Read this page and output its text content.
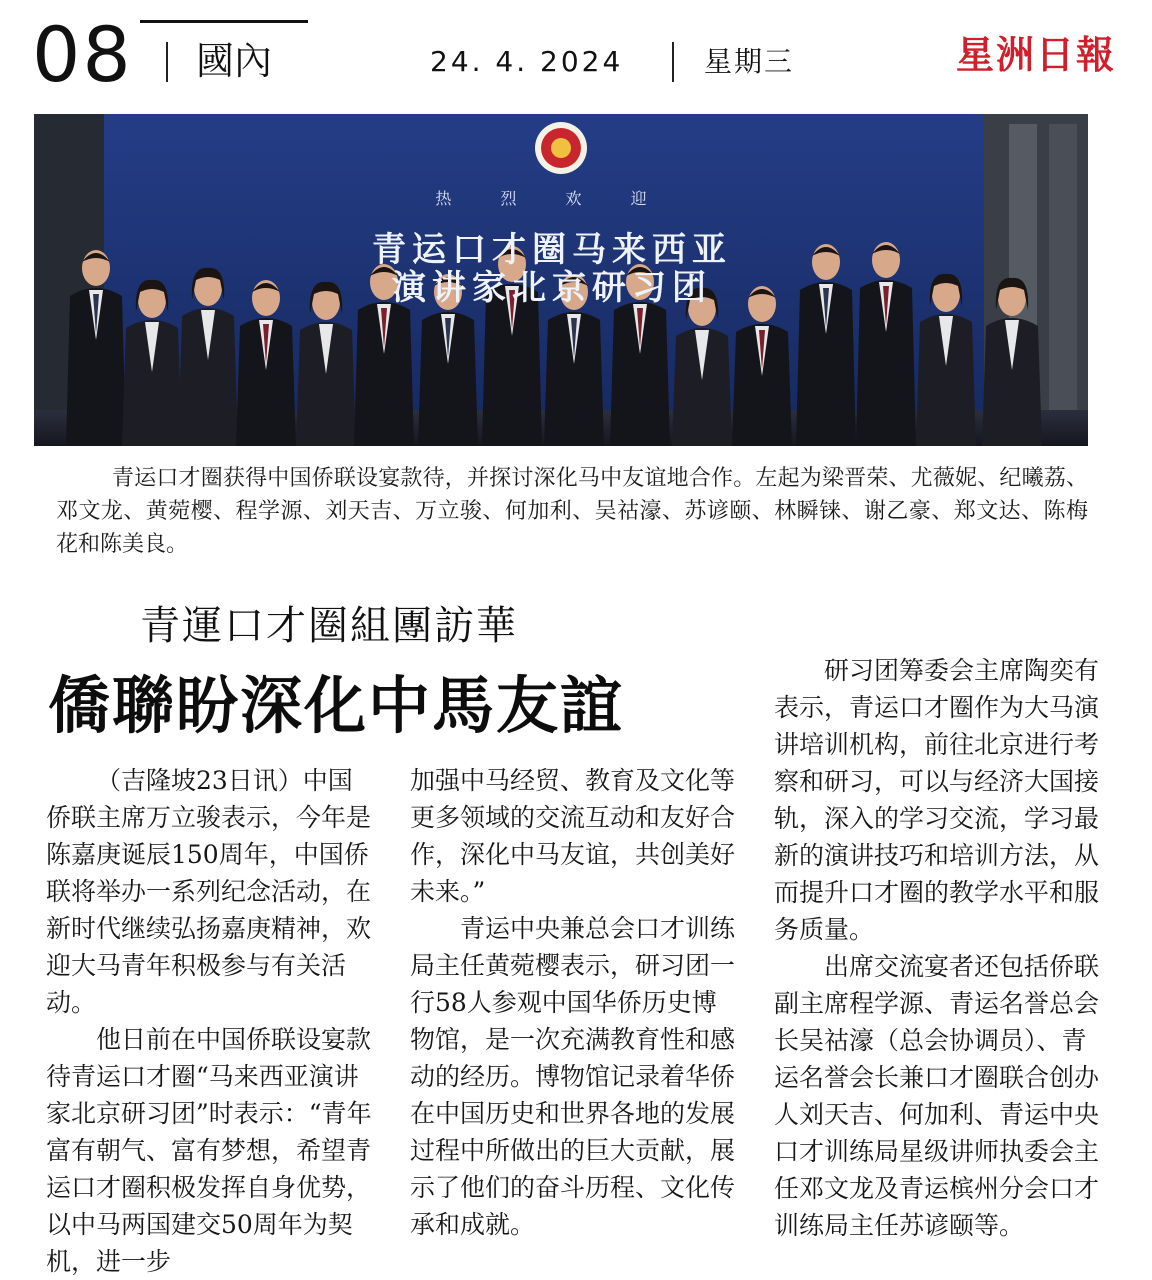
08 國內	24. 4. 2024	星期三	星洲日報
热 烈 欢 迎
青运口才圈马来西亚
演讲家北京研习团
青运口才圈获得中国侨联设宴款待，并探讨深化马中友谊地合作。左起为梁晋荣、尤薇妮、纪曦荔、邓文龙、黄菀樱、程学源、刘天吉、万立骏、何加利、吴祜濠、苏谚颐、林瞬铼、谢乙豪、郑文达、陈梅花和陈美良。
青運口才圈組團訪華
僑聯盼深化中馬友誼

（吉隆坡23日讯）中国侨联主席万立骏表示，今年是陈嘉庚诞辰150周年，中国侨联将举办一系列纪念活动，在新时代继续弘扬嘉庚精神，欢迎大马青年积极参与有关活动。

他日前在中国侨联设宴款待青运口才圈“马来西亚演讲家北京研习团”时表示：“青年富有朝气、富有梦想，希望青运口才圈积极发挥自身优势，以中马两国建交50周年为契机，进一步

加强中马经贸、教育及文化等更多领域的交流互动和友好合作，深化中马友谊，共创美好未来。”

青运中央兼总会口才训练局主任黄菀樱表示，研习团一行58人参观中国华侨历史博物馆，是一次充满教育性和感动的经历。博物馆记录着华侨在中国历史和世界各地的发展过程中所做出的巨大贡献，展示了他们的奋斗历程、文化传承和成就。

研习团筹委会主席陶奕有表示，青运口才圈作为大马演讲培训机构，前往北京进行考察和研习，可以与经济大国接轨，深入的学习交流，学习最新的演讲技巧和培训方法，从而提升口才圈的教学水平和服务质量。

出席交流宴者还包括侨联副主席程学源、青运名誉总会长吴祜濠（总会协调员）、青运名誉会长兼口才圈联合创办人刘天吉、何加利、青运中央口才训练局星级讲师执委会主任邓文龙及青运槟州分会口才训练局主任苏谚颐等。
